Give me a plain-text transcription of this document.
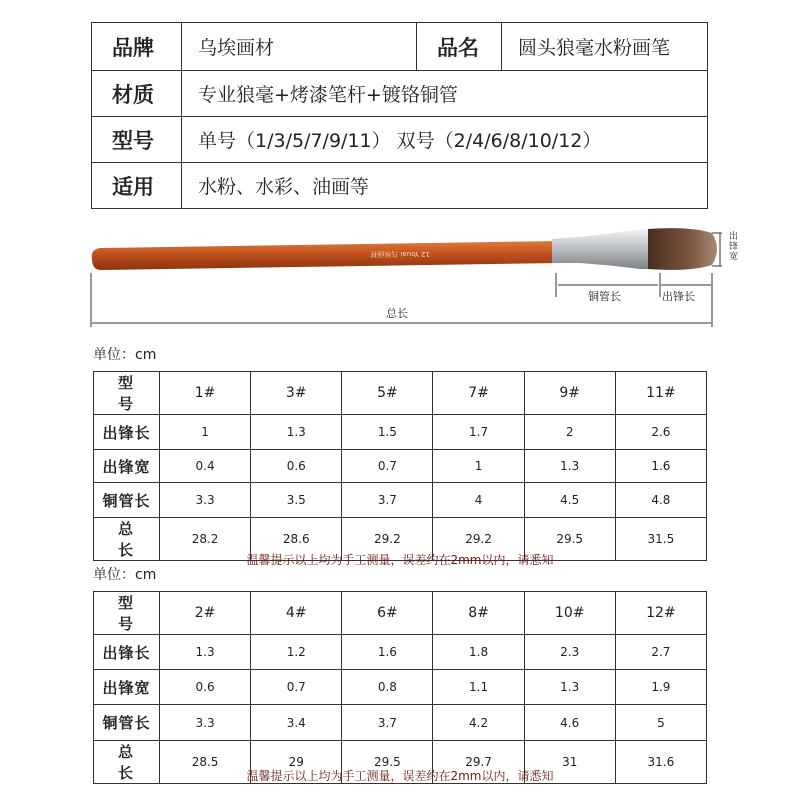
品牌	乌埃画材	品名	圆头狼毫水粉画笔
材质	专业狼毫+烤漆笔杆+镀铬铜管		
型号	单号（1/3/5/7/9/11） 双号（2/4/6/8/10/12）		
适用	水粉、水彩、油画等		
12 Youai 乌埃画材
铜管长	出锋长
总长
出
锋
宽
单位：cm
型 号	1#	3#	5#	7#	9#	11#
出锋长	1	1.3	1.5	1.7	2	2.6
出锋宽	0.4	0.6	0.7	1	1.3	1.6
铜管长	3.3	3.5	3.7	4	4.5	4.8
总 长	28.2	28.6	29.2	29.2	29.5	31.5
温馨提示以上均为手工测量，误差约在2mm以内，请悉知
单位：cm
型 号	2#	4#	6#	8#	10#	12#
出锋长	1.3	1.2	1.6	1.8	2.3	2.7
出锋宽	0.6	0.7	0.8	1.1	1.3	1.9
铜管长	3.3	3.4	3.7	4.2	4.6	5
总 长	28.5	29	29.5	29.7	31	31.6
温馨提示以上均为手工测量，误差约在2mm以内，请悉知
